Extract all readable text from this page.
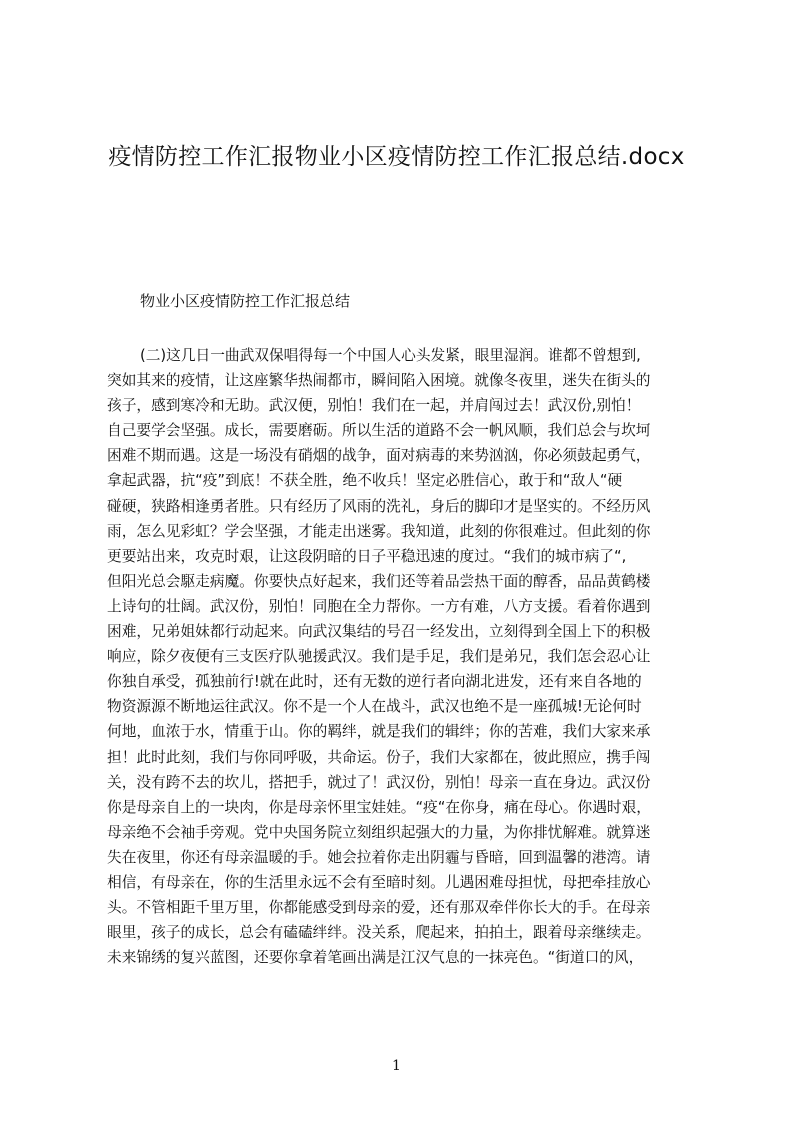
疫情防控工作汇报物业小区疫情防控工作汇报总结.docx

物业小区疫情防控工作汇报总结

(二)这几日一曲武双保唱得每一个中国人心头发紧，眼里湿润。谁都不曾想到,
突如其来的疫情，让这座繁华热闹都市，瞬间陷入困境。就像冬夜里，迷失在街头的
孩子，感到寒冷和无助。武汉便，别怕！我们在一起，并肩闯过去！武汉份,别怕！
自己要学会坚强。成长，需要磨砺。所以生活的道路不会一帆风顺，我们总会与坎坷
困难不期而遇。这是一场没有硝烟的战争，面对病毒的来势汹汹，你必须鼓起勇气，
拿起武器，抗“疫”到底！不获全胜，绝不收兵！坚定必胜信心，敢于和“敌人“硬
碰硬，狭路相逢勇者胜。只有经历了风雨的洗礼，身后的脚印才是坚实的。不经历风
雨，怎么见彩虹？学会坚强，才能走出迷雾。我知道，此刻的你很难过。但此刻的你
更要站出来，攻克时艰，让这段阴暗的日子平稳迅速的度过。“我们的城市病了“,
但阳光总会駆走病魔。你要快点好起来，我们还等着品尝热干面的醇香，品品黄鹤楼
上诗句的壮阔。武汉份，别怕！同胞在全力帮你。一方有难，八方支援。看着你遇到
困难，兄弟姐妹都行动起来。向武汉集结的号召一经发出，立刻得到全国上下的积极
响应，除夕夜便有三支医疗队驰援武汉。我们是手足，我们是弟兄，我们怎会忍心让
你独自承受，孤独前行!就在此时，还有无数的逆行者向湖北进发，还有来自各地的
物资源源不断地运往武汉。你不是一个人在战斗，武汉也绝不是一座孤城!无论何时
何地，血浓于水，情重于山。你的羁绊，就是我们的辑绊；你的苦难，我们大家来承
担！此时此刻，我们与你同呼吸，共命运。份子，我们大家都在，彼此照应，携手闯
关，没有跨不去的坎儿，搭把手，就过了！武汉份，别怕！母亲一直在身边。武汉份
你是母亲自上的一块肉，你是母亲怀里宝娃娃。“疫“在你身，痛在母心。你遇时艰，
母亲绝不会袖手旁观。党中央国务院立刻组织起强大的力量，为你排忧解难。就算迷
失在夜里，你还有母亲温暖的手。她会拉着你走出阴霾与昏暗，回到温馨的港湾。请
相信，有母亲在，你的生活里永远不会有至暗时刻。儿遇困难母担忧，母把牵挂放心
头。不管相距千里万里，你都能感受到母亲的爱，还有那双牵伴你长大的手。在母亲
眼里，孩子的成长，总会有磕磕绊绊。没关系，爬起来，拍拍土，跟着母亲继续走。
未来锦绣的复兴蓝图，还要你拿着笔画出满是江汉气息的一抹亮色。“街道口的风，

1
